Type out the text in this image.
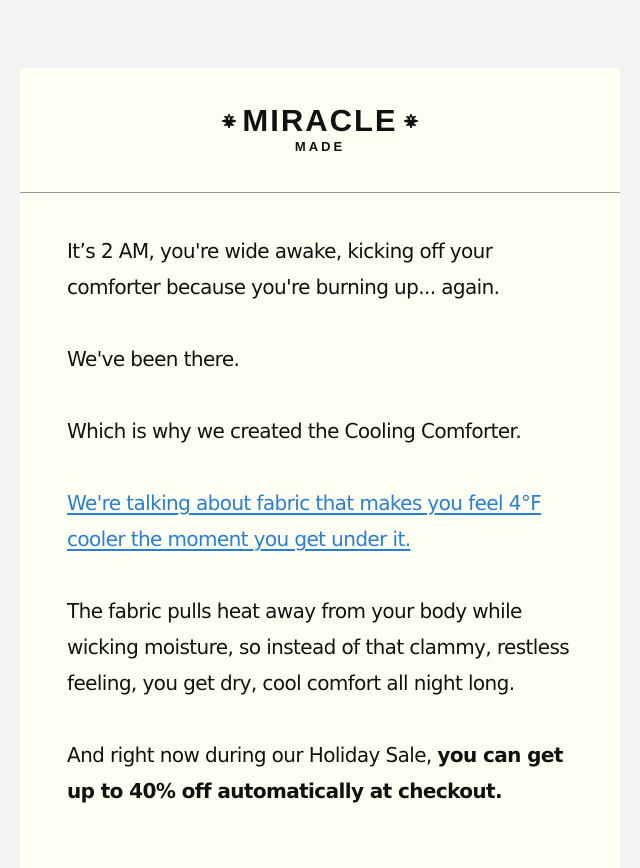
MIRACLE
MADE

It’s 2 AM, you're wide awake, kicking off your comforter because you're burning up... again.

We've been there.

Which is why we created the Cooling Comforter.

We're talking about fabric that makes you feel 4°F cooler the moment you get under it.

The fabric pulls heat away from your body while wicking moisture, so instead of that clammy, restless feeling, you get dry, cool comfort all night long.

And right now during our Holiday Sale, you can get up to 40% off automatically at checkout.
